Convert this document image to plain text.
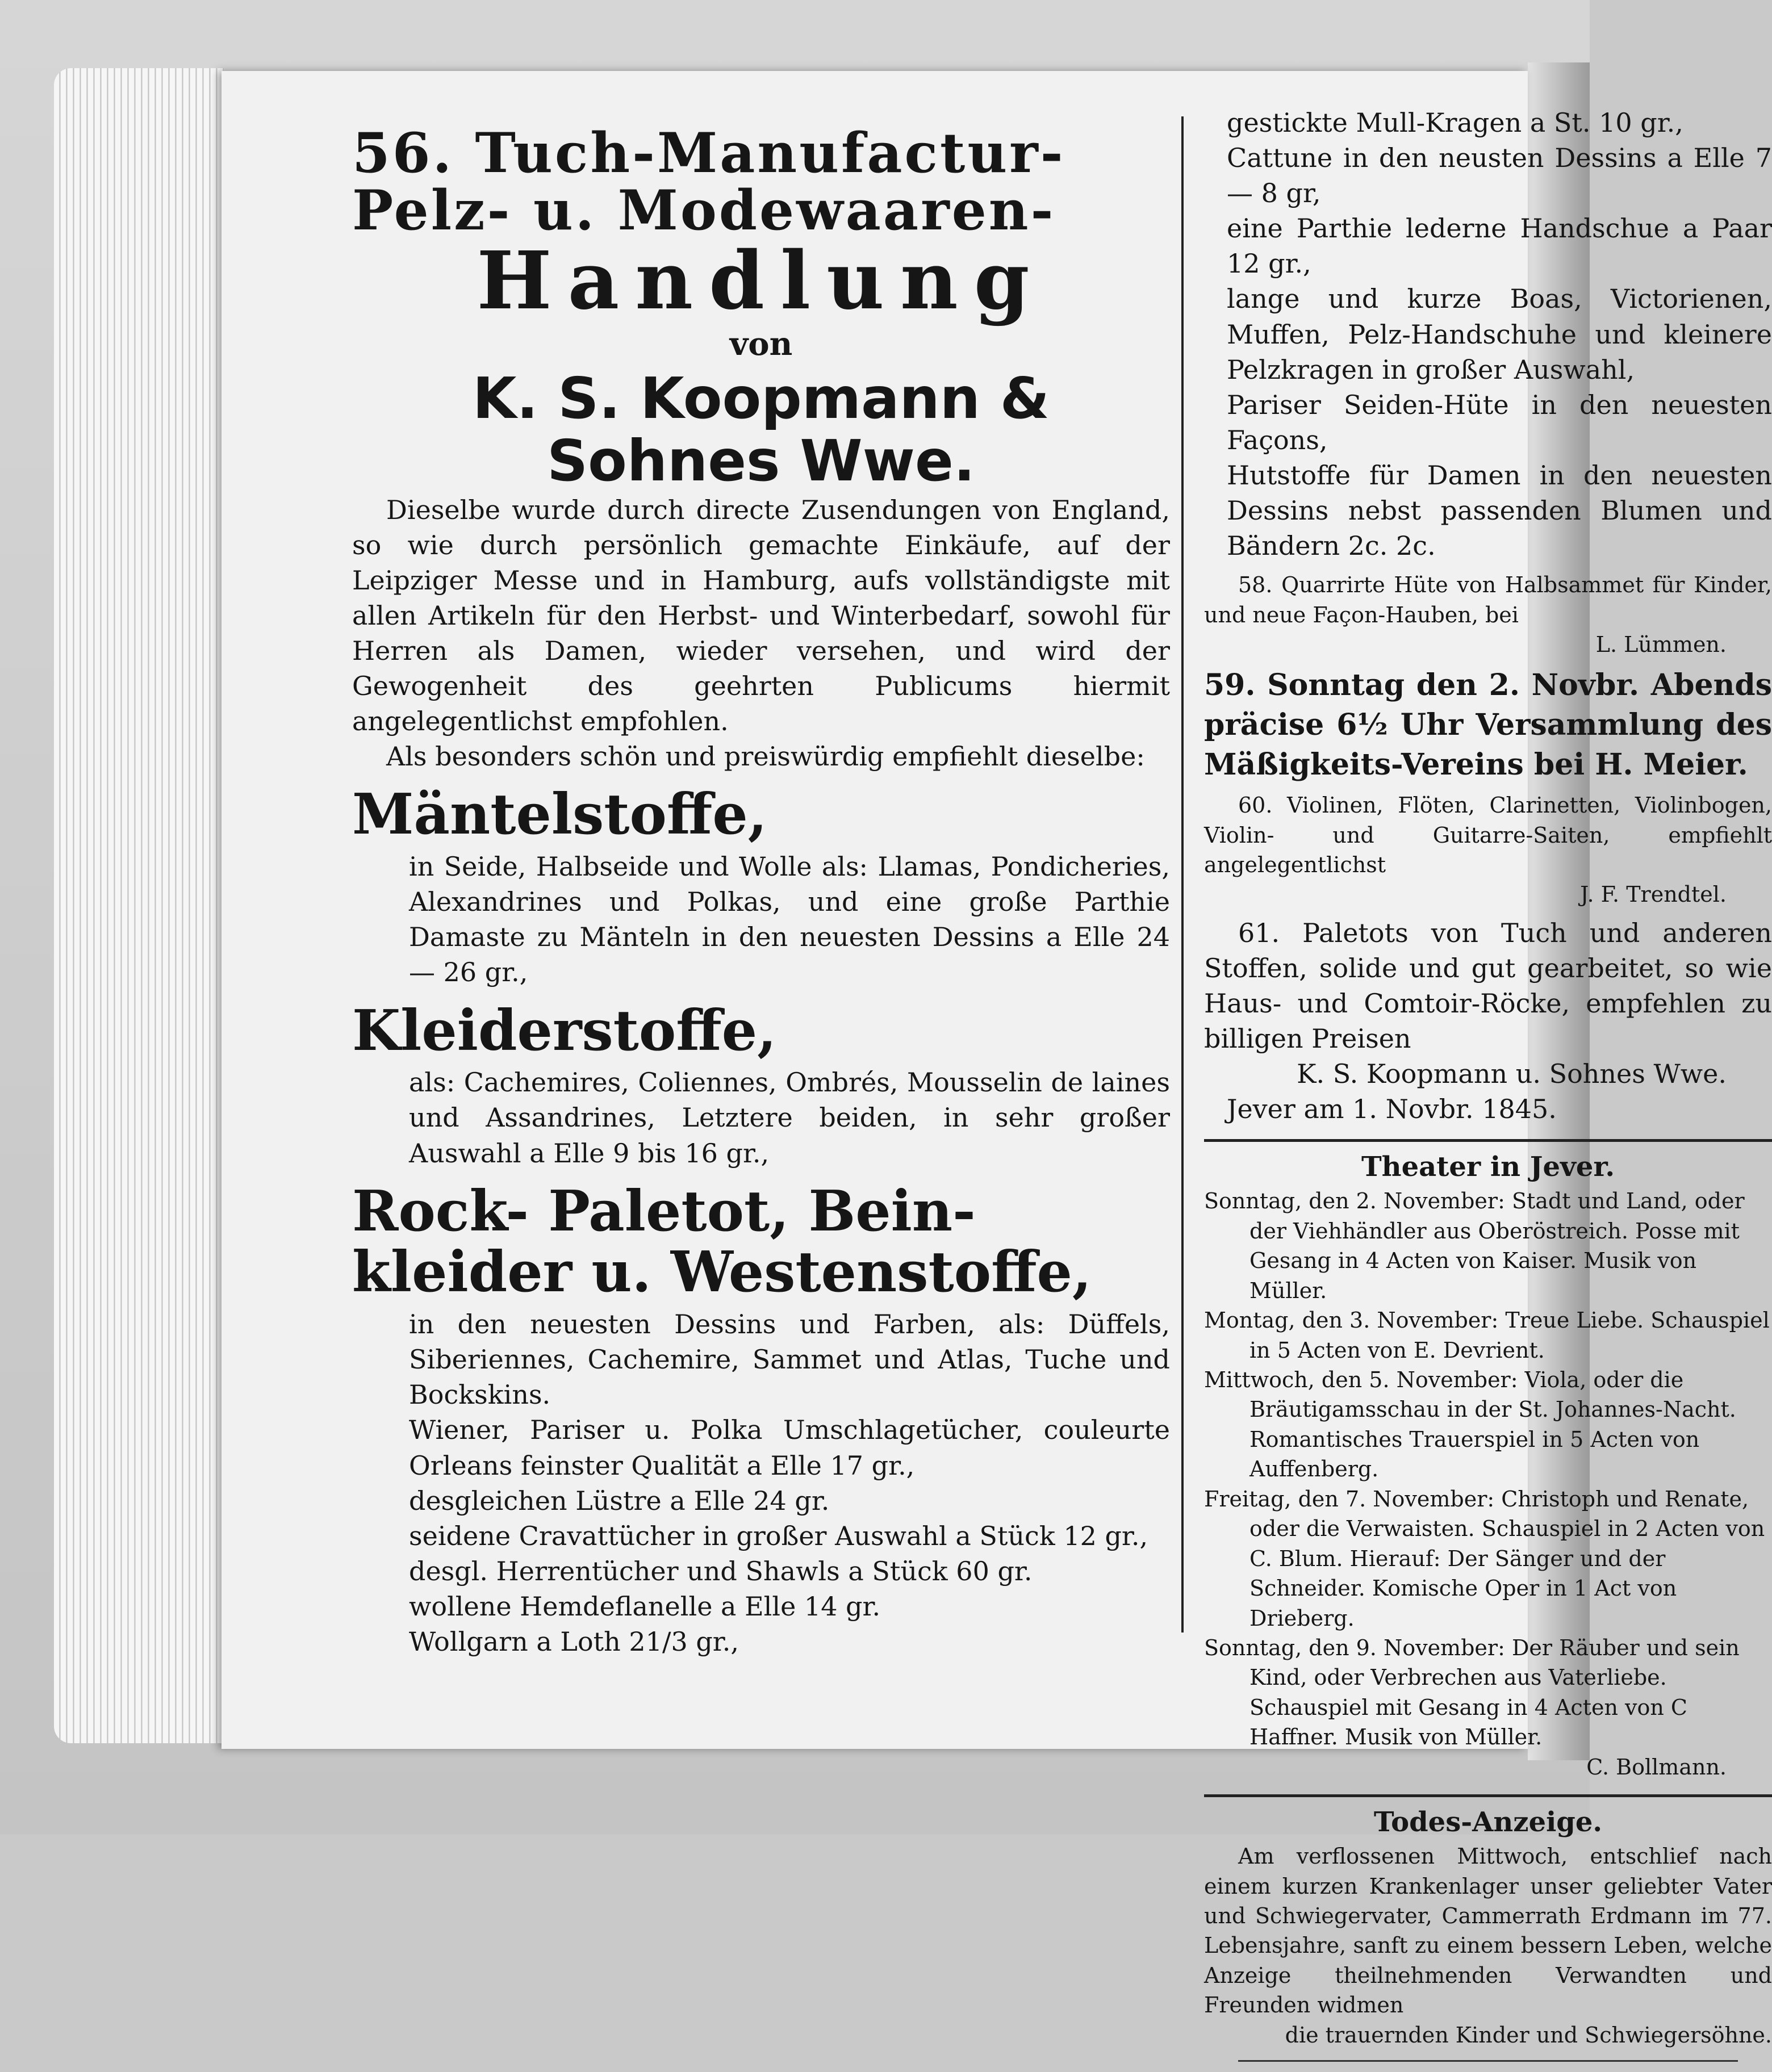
56. Tuch-Manufactur-
Pelz- u. Modewaaren-
Handlung
von
K. S. Koopmann &
Sohnes Wwe.
Dieselbe wurde durch directe Zusendungen von England, so wie durch persönlich gemachte Einkäufe, auf der Leipziger Messe und in Hamburg, aufs vollständigste mit allen Artikeln für den Herbst- und Winterbedarf, sowohl für Herren als Damen, wieder versehen, und wird der Gewogenheit des geehrten Publicums hiermit angelegentlichst empfohlen.
Als besonders schön und preiswürdig empfiehlt dieselbe:
Mäntelstoffe,
in Seide, Halbseide und Wolle als: Llamas, Pondicheries, Alexandrines und Polkas, und eine große Parthie Damaste zu Mänteln in den neuesten Dessins a Elle 24 — 26 gr.,
Kleiderstoffe,
als: Cachemires, Coliennes, Ombrés, Mousselin de laines und Assandrines, Letztere beiden, in sehr großer Auswahl a Elle 9 bis 16 gr.,
Rock- Paletot, Bein-
kleider u. Westenstoffe,
in den neuesten Dessins und Farben, als: Düffels, Siberiennes, Cachemire, Sammet und Atlas, Tuche und Bockskins.
Wiener, Pariser u. Polka Umschlagetücher, couleurte Orleans feinster Qualität a Elle 17 gr.,
desgleichen Lüstre a Elle 24 gr.
seidene Cravattücher in großer Auswahl a Stück 12 gr.,
desgl. Herrentücher und Shawls a Stück 60 gr.
wollene Hemdeflanelle a Elle 14 gr.
Wollgarn a Loth 21/3 gr.,
gestickte Mull-Kragen a St. 10 gr.,
Cattune in den neusten Dessins a Elle 7 — 8 gr,
eine Parthie lederne Handschue a Paar 12 gr.,
lange und kurze Boas, Victorienen, Muffen, Pelz-Handschuhe und kleinere Pelzkragen in großer Auswahl,
Pariser Seiden-Hüte in den neuesten Façons,
Hutstoffe für Damen in den neuesten Dessins nebst passenden Blumen und Bändern 2c. 2c.
58. Quarrirte Hüte von Halbsammet für Kinder, und neue Façon-Hauben, bei
L. Lümmen.
59. Sonntag den 2. Novbr. Abends präcise 6½ Uhr Versammlung des Mäßigkeits-Vereins bei H. Meier.
60. Violinen, Flöten, Clarinetten, Violinbogen, Violin- und Guitarre-Saiten, empfiehlt angelegentlichst
J. F. Trendtel.
61. Paletots von Tuch und anderen Stoffen, solide und gut gearbeitet, so wie Haus- und Comtoir-Röcke, empfehlen zu billigen Preisen
K. S. Koopmann u. Sohnes Wwe.
Jever am 1. Novbr. 1845.
Theater in Jever.
Sonntag, den 2. November: Stadt und Land, oder der Viehhändler aus Oberöstreich. Posse mit Gesang in 4 Acten von Kaiser. Musik von Müller.
Montag, den 3. November: Treue Liebe. Schauspiel in 5 Acten von E. Devrient.
Mittwoch, den 5. November: Viola, oder die Bräutigamsschau in der St. Johannes-Nacht. Romantisches Trauerspiel in 5 Acten von Auffenberg.
Freitag, den 7. November: Christoph und Renate, oder die Verwaisten. Schauspiel in 2 Acten von C. Blum. Hierauf: Der Sänger und der Schneider. Komische Oper in 1 Act von Drieberg.
Sonntag, den 9. November: Der Räuber und sein Kind, oder Verbrechen aus Vaterliebe. Schauspiel mit Gesang in 4 Acten von C Haffner. Musik von Müller.
C. Bollmann.
Todes-Anzeige.
Am verflossenen Mittwoch, entschlief nach einem kurzen Krankenlager unser geliebter Vater und Schwiegervater, Cammerrath Erdmann im 77. Lebensjahre, sanft zu einem bessern Leben, welche Anzeige theilnehmenden Verwandten und Freunden widmen
die trauernden Kinder und Schwiegersöhne.
